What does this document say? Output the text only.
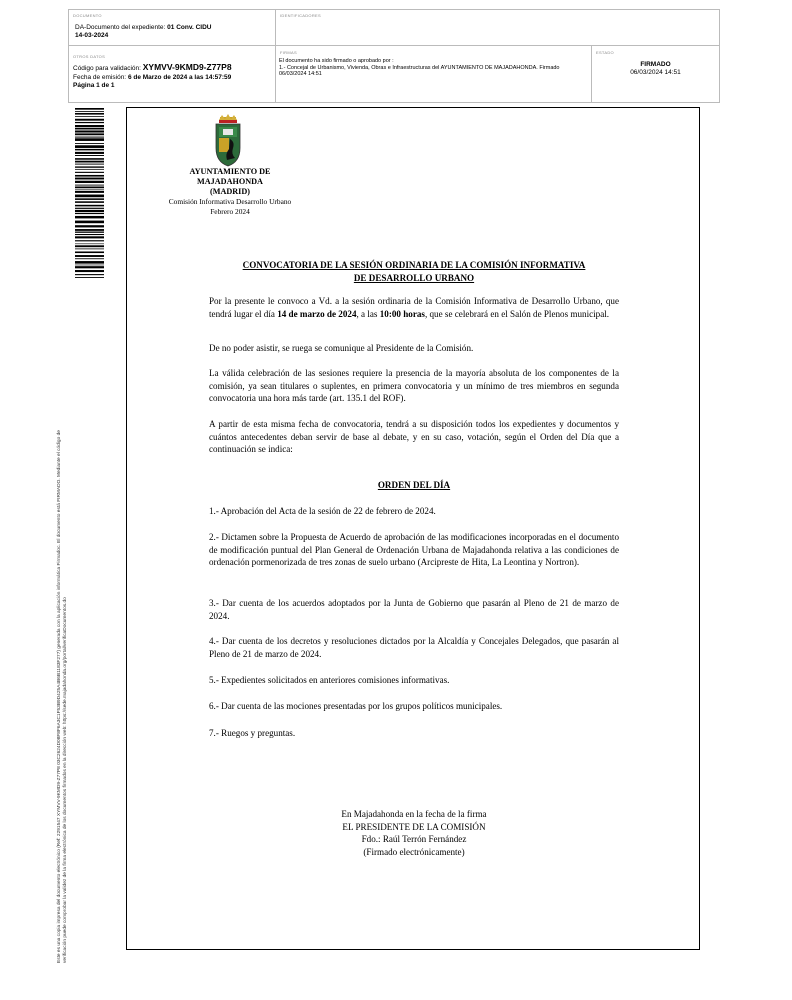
DOCUMENTO
DA-Documento del expediente: 01 Conv. CIDU
14-03-2024
IDENTIFICADORES
OTROS DATOS
Código para validación: XYMVV-9KMD9-Z77P8
Fecha de emisión: 6 de Marzo de 2024 a las 14:57:59
Página 1 de 1
FIRMAS
El documento ha sido firmado o aprobado por :
1.- Concejal de Urbanismo, Vivienda, Obras e Infraestructuras del AYUNTAMIENTO DE MAJADAHONDA. Firmado 06/03/2024 14:51
ESTADO
FIRMADO
06/03/2024 14:51
Este es una copia impresa del documento electrónico (Ref: 2291547 XYMVV-9KMD9-Z77P8 03C2624D08F8F6A3C1F53B9D425A4B6B1183F277) generada con la aplicación informática Firmadoc. El documento está FIRMADO. Mediante el código de verificación puede comprobar la validez de la firma electrónica de los documentos firmados en la dirección web: https://sede.majadahonda.org/portal/verificaDocumentos.do
AYUNTAMIENTO DE
MAJADAHONDA
(MADRID)
Comisión Informativa Desarrollo Urbano
Febrero 2024
CONVOCATORIA DE LA SESIÓN ORDINARIA DE LA COMISIÓN INFORMATIVA
DE DESARROLLO URBANO

Por la presente le convoco a Vd. a la sesión ordinaria de la Comisión Informativa de Desarrollo Urbano, que tendrá lugar el día 14 de marzo de 2024, a las 10:00 horas, que se celebrará en el Salón de Plenos municipal.

De no poder asistir, se ruega se comunique al Presidente de la Comisión.

La válida celebración de las sesiones requiere la presencia de la mayoría absoluta de los componentes de la comisión, ya sean titulares o suplentes, en primera convocatoria y un mínimo de tres miembros en segunda convocatoria una hora más tarde (art. 135.1 del ROF).

A partir de esta misma fecha de convocatoria, tendrá a su disposición todos los expedientes y documentos y cuántos antecedentes deban servir de base al debate, y en su caso, votación, según el Orden del Día que a continuación se indica:

ORDEN DEL DÍA

1.- Aprobación del Acta de la sesión de 22 de febrero de 2024.

2.- Dictamen sobre la Propuesta de Acuerdo de aprobación de las modificaciones incorporadas en el documento de modificación puntual del Plan General de Ordenación Urbana de Majadahonda relativa a las condiciones de ordenación pormenorizada de tres zonas de suelo urbano (Arcipreste de Hita, La Leontina y Nortron).

3.- Dar cuenta de los acuerdos adoptados por la Junta de Gobierno que pasarán al Pleno de 21 de marzo de 2024.

4.- Dar cuenta de los decretos y resoluciones dictados por la Alcaldía y Concejales Delegados, que pasarán al Pleno de 21 de marzo de 2024.

5.- Expedientes solicitados en anteriores comisiones informativas.

6.- Dar cuenta de las mociones presentadas por los grupos políticos municipales.

7.- Ruegos y preguntas.

En Majadahonda en la fecha de la firma
EL PRESIDENTE DE LA COMISIÓN
Fdo.: Raúl Terrón Fernández
(Firmado electrónicamente)
